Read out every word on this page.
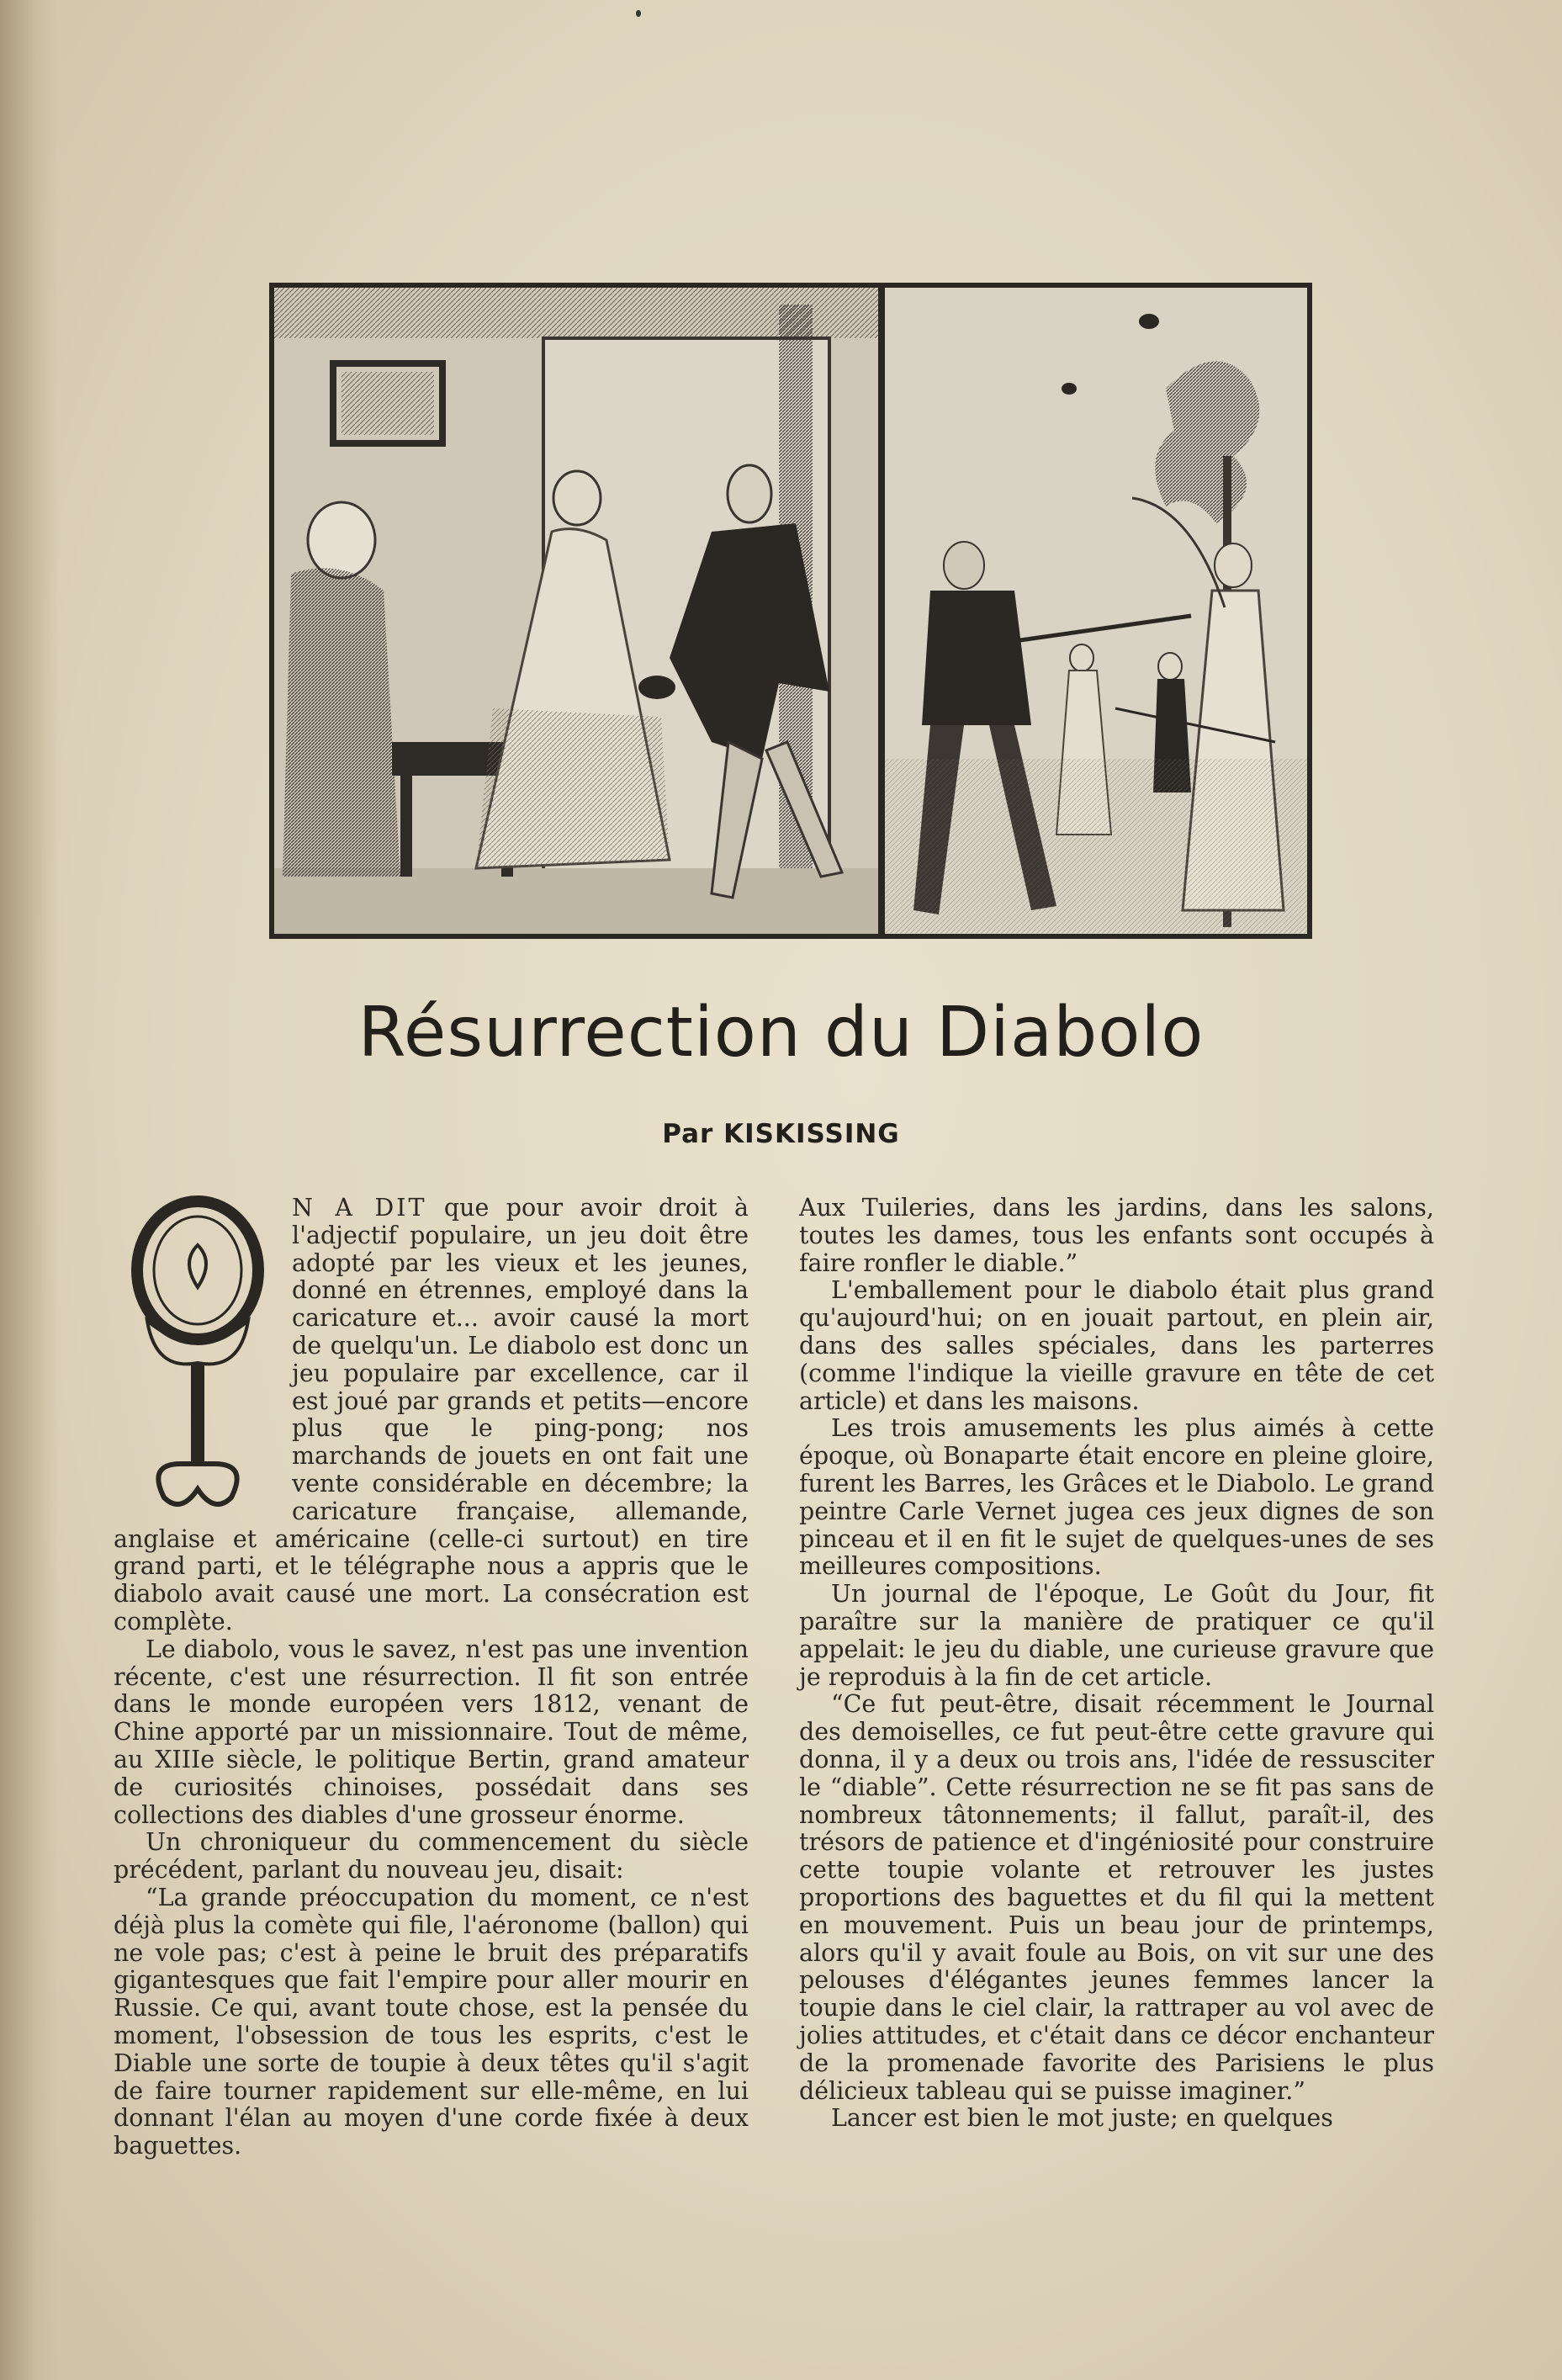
Résurrection du Diabolo
Par KISKISSING

N A DIT que pour avoir droit à l'adjectif populaire, un jeu doit être adopté par les vieux et les jeunes, donné en étrennes, employé dans la caricature et... avoir causé la mort de quelqu'un. Le diabolo est donc un jeu populaire par excellence, car il est joué par grands et petits—encore plus que le ping-pong; nos marchands de jouets en ont fait une vente considérable en décembre; la caricature française, allemande, anglaise et américaine (celle-ci surtout) en tire grand parti, et le télégraphe nous a appris que le diabolo avait causé une mort. La consécration est complète.

Le diabolo, vous le savez, n'est pas une invention récente, c'est une résurrection. Il fit son entrée dans le monde européen vers 1812, venant de Chine apporté par un missionnaire. Tout de même, au XIIIe siècle, le politique Bertin, grand amateur de curiosités chinoises, possédait dans ses collections des diables d'une grosseur énorme.

Un chroniqueur du commencement du siècle précédent, parlant du nouveau jeu, disait:

“La grande préoccupation du moment, ce n'est déjà plus la comète qui file, l'aéronome (ballon) qui ne vole pas; c'est à peine le bruit des préparatifs gigantesques que fait l'empire pour aller mourir en Russie. Ce qui, avant toute chose, est la pensée du moment, l'obsession de tous les esprits, c'est le Diable une sorte de toupie à deux têtes qu'il s'agit de faire tourner rapidement sur elle-même, en lui donnant l'élan au moyen d'une corde fixée à deux baguettes.

Aux Tuileries, dans les jardins, dans les salons, toutes les dames, tous les enfants sont occupés à faire ronfler le diable.”

L'emballement pour le diabolo était plus grand qu'aujourd'hui; on en jouait partout, en plein air, dans des salles spéciales, dans les parterres (comme l'indique la vieille gravure en tête de cet article) et dans les maisons.

Les trois amusements les plus aimés à cette époque, où Bonaparte était encore en pleine gloire, furent les Barres, les Grâces et le Diabolo. Le grand peintre Carle Vernet jugea ces jeux dignes de son pinceau et il en fit le sujet de quelques-unes de ses meilleures compositions.

Un journal de l'époque, Le Goût du Jour, fit paraître sur la manière de pratiquer ce qu'il appelait: le jeu du diable, une curieuse gravure que je reproduis à la fin de cet article.

“Ce fut peut-être, disait récemment le Journal des demoiselles, ce fut peut-être cette gravure qui donna, il y a deux ou trois ans, l'idée de ressusciter le “diable”. Cette résurrection ne se fit pas sans de nombreux tâtonnements; il fallut, paraît-il, des trésors de patience et d'ingéniosité pour construire cette toupie volante et retrouver les justes proportions des baguettes et du fil qui la mettent en mouvement. Puis un beau jour de printemps, alors qu'il y avait foule au Bois, on vit sur une des pelouses d'élégantes jeunes femmes lancer la toupie dans le ciel clair, la rattraper au vol avec de jolies attitudes, et c'était dans ce décor enchanteur de la promenade favorite des Parisiens le plus délicieux tableau qui se puisse imaginer.”

Lancer est bien le mot juste; en quelques
